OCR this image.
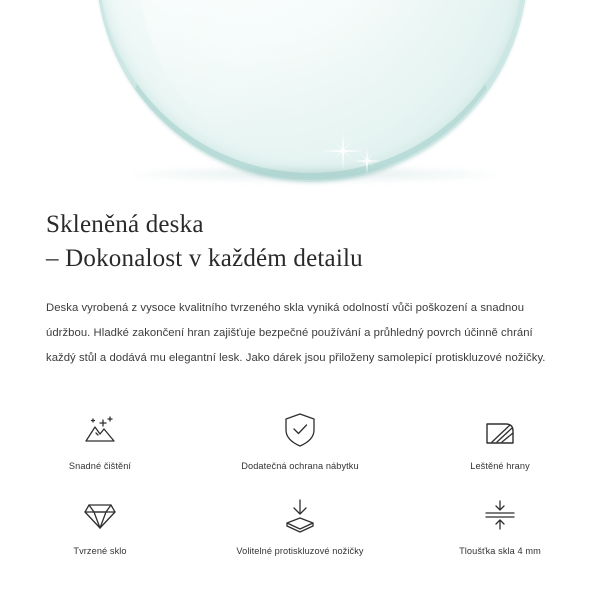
Skleněná deska
– Dokonalost v každém detailu

Deska vyrobená z vysoce kvalitního tvrzeného skla vyniká odolností vůči poškození a snadnou údržbou. Hladké zakončení hran zajišťuje bezpečné používání a průhledný povrch účinně chrání každý stůl a dodává mu elegantní lesk. Jako dárek jsou přiloženy samolepicí protiskluzové nožičky.

Snadné čištění	Dodatečná ochrana nábytku	Leštěné hrany
Tvrzené sklo	Volitelné protiskluzové nožičky	Tloušťka skla 4 mm
